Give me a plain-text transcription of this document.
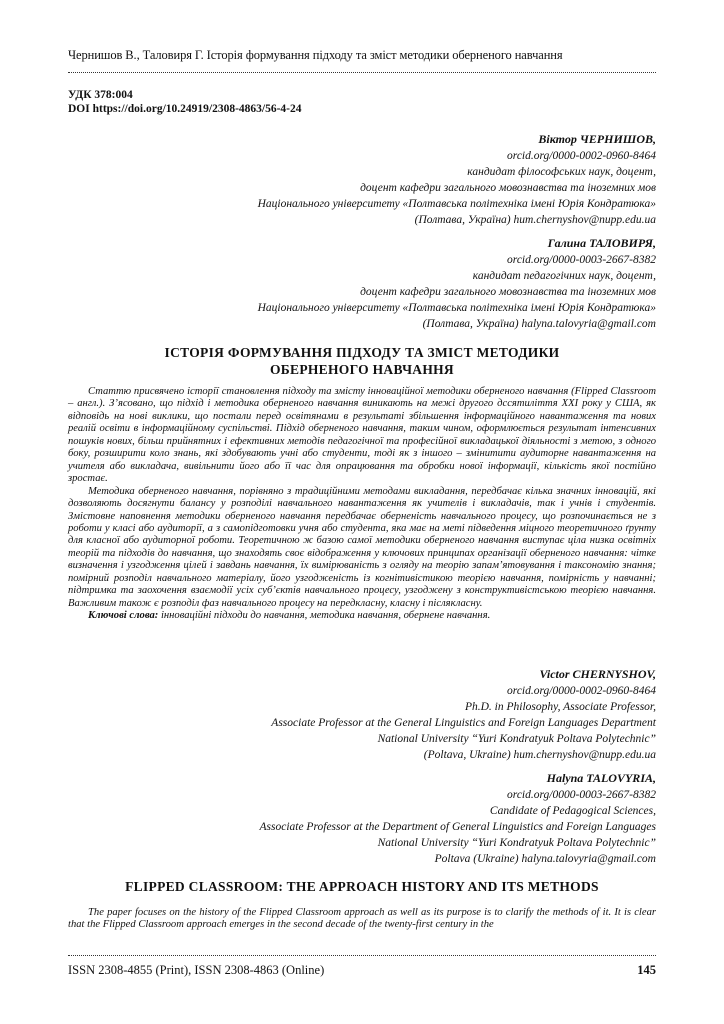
Чернишов В., Таловиря Г. Історія формування підходу та зміст методики оберненого навчання
УДК 378:004
DOI https://doi.org/10.24919/2308-4863/56-4-24
Віктор ЧЕРНИШОВ,
orcid.org/0000-0002-0960-8464
кандидат філософських наук, доцент,
доцент кафедри загального мовознавства та іноземних мов
Національного університету «Полтавська політехніка імені Юрія Кондратюка»
(Полтава, Україна) hum.chernyshov@nupp.edu.ua
Галина ТАЛОВИРЯ,
orcid.org/0000-0003-2667-8382
кандидат педагогічних наук, доцент,
доцент кафедри загального мовознавства та іноземних мов
Національного університету «Полтавська політехніка імені Юрія Кондратюка»
(Полтава, Україна) halyna.talovyria@gmail.com
ІСТОРІЯ ФОРМУВАННЯ ПІДХОДУ ТА ЗМІСТ МЕТОДИКИ
ОБЕРНЕНОГО НАВЧАННЯ

Статтю присвячено історії становлення підходу та змісту інноваційної методики оберненого навчання (Flipped Classroom – англ.). З’ясовано, що підхід і методика оберненого навчання виникають на межі другого дссятиліття XXI року у США, як відповідь на нові виклики, що постали перед освітянами в результаті збільшення інформаційного навантаження та нових реалій освіти в інформаційному суспільстві. Підхід оберненого навчання, таким чином, оформлюється результат інтенсивних пошуків нових, більш прийнятних і ефективних методів педагогічної та професійної викладацької діяльності з метою, з одного боку, розширити коло знань, які здобувають учні або студенти, тоді як з іншого – змінитити аудиторне навантаження на учителя або викладача, вивільнити його або її час для опрацювання та обробки нової інформації, кількість якої постійно зростає.

Методика оберненого навчання, порівняно з традиційними методами викладання, передбачає кілька значних інновацій, які дозволяють досягнути балансу у розподілі навчального навантаження як учителів і викладачів, так і учнів і студентів. Змістовне наповнення методики оберненого навчання передбачає оберненість навчального процесу, що розпочинається не з роботи у класі або аудиторії, а з самопідготовки учня або студента, яка має на меті підведення міцного теоретичного ґрунту для класної або аудиторної роботи. Теоретичною ж базою самої методики оберненого навчання виступає ціла низка освітніх теорій та підходів до навчання, що знаходять своє відображення у ключових принципах організації оберненого навчання: чітке визначення і узгодження цілей і завдань навчання, їх вимірюваність з огляду на теорію запам’ятовування і таксономію знання; помірний розподіл навчального матеріалу, його узгодженість із когнітивістикою теорією навчання, помірність у навчанні; підтримка та заохочення взаємодії усіх суб’єктів навчального процесу, узгоджену з конструктивістською теорією навчання. Важливим також є розподіл фаз навчального процесу на передкласну, класну і післякласну.

Ключові слова: інноваційні підходи до навчання, методика навчання, обернене навчання.

Victor CHERNYSHOV,
orcid.org/0000-0002-0960-8464
Ph.D. in Philosophy, Associate Professor,
Associate Professor at the General Linguistics and Foreign Languages Department
National University “Yuri Kondratyuk Poltava Polytechnic”
(Poltava, Ukraine) hum.chernyshov@nupp.edu.ua
Halyna TALOVYRIA,
orcid.org/0000-0003-2667-8382
Candidate of Pedagogical Sciences,
Associate Professor at the Department of General Linguistics and Foreign Languages
National University “Yuri Kondratyuk Poltava Polytechnic”
Poltava (Ukraine) halyna.talovyria@gmail.com
FLIPPED CLASSROOM: THE APPROACH HISTORY AND ITS METHODS

The paper focuses on the history of the Flipped Classroom approach as well as its purpose is to clarify the methods of it. It is clear that the Flipped Classroom approach emerges in the second decade of the twenty-first century in the

ISSN 2308-4855 (Print), ISSN 2308-4863 (Online)	145
